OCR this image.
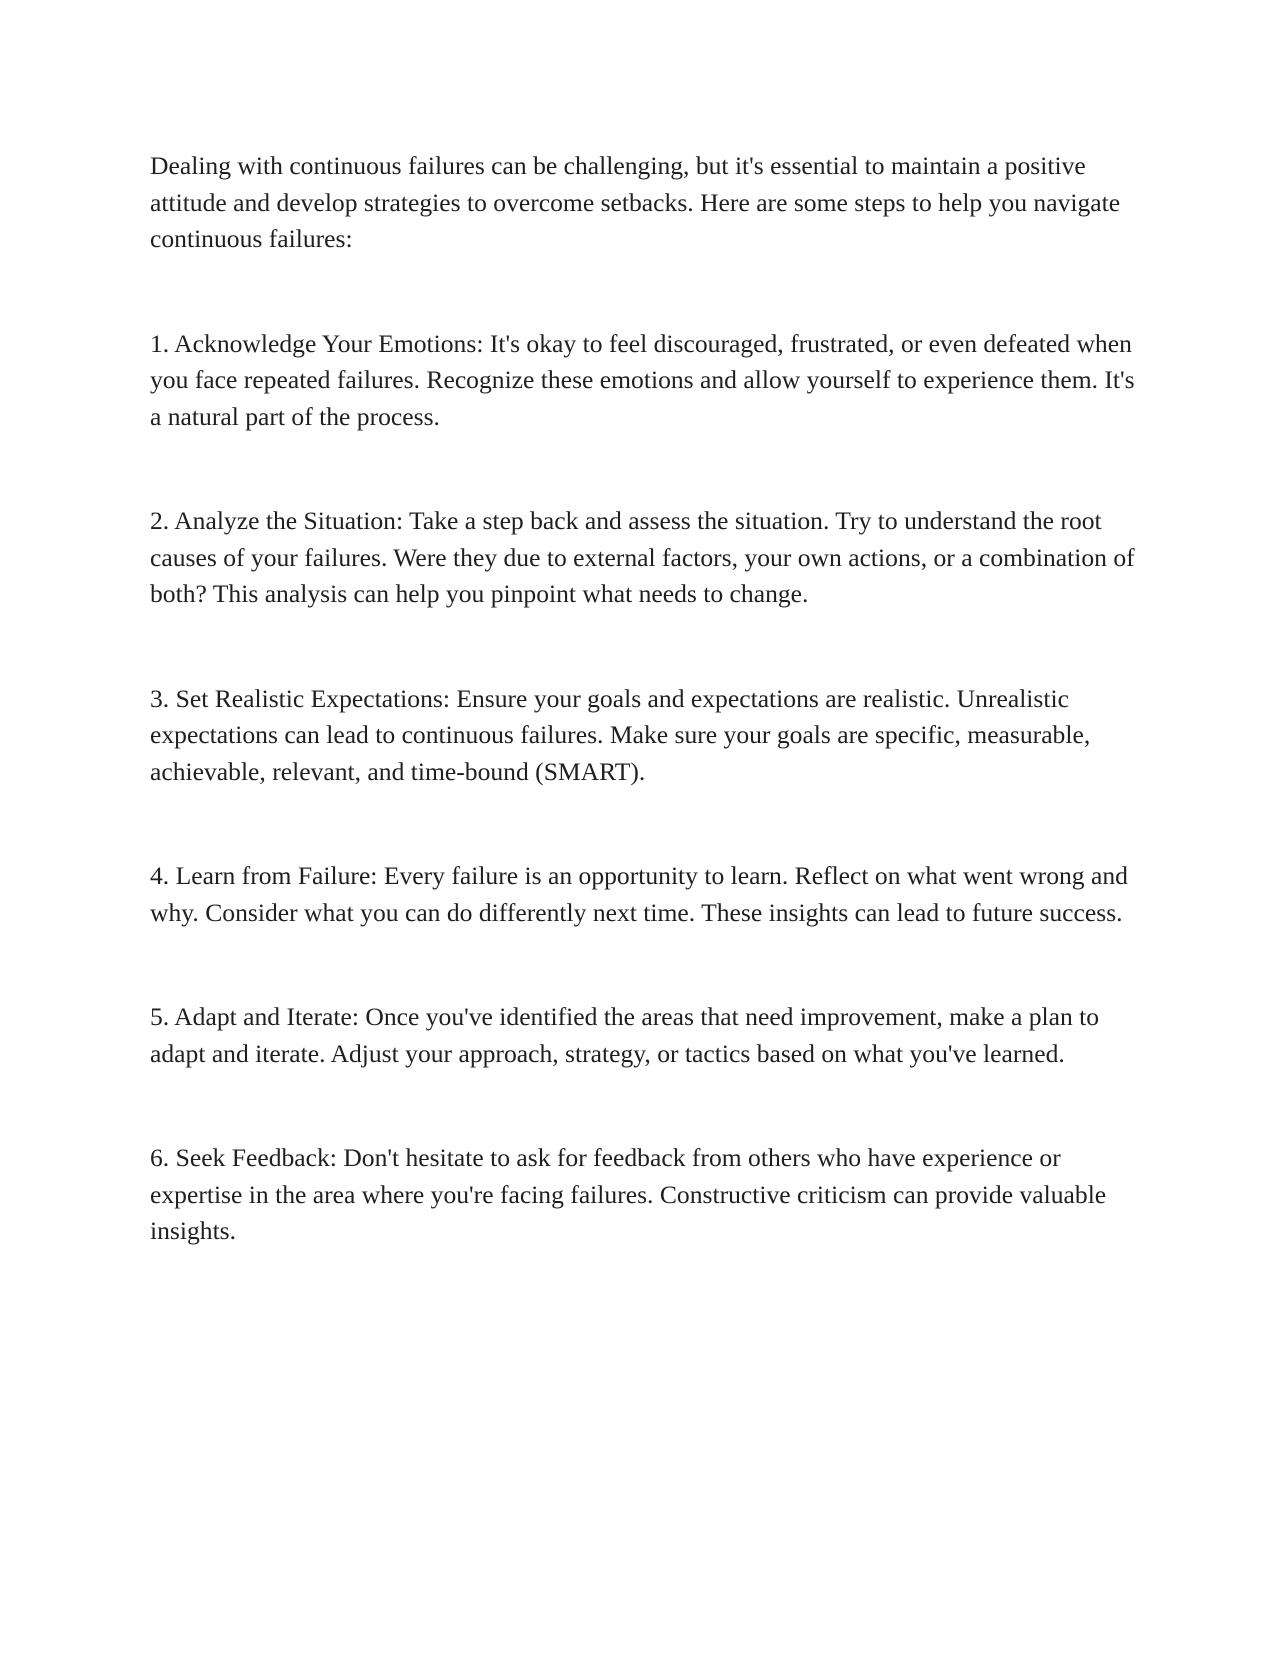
Dealing with continuous failures can be challenging, but it's essential to maintain a positive attitude and develop strategies to overcome setbacks. Here are some steps to help you navigate continuous failures:

1. Acknowledge Your Emotions: It's okay to feel discouraged, frustrated, or even defeated when you face repeated failures. Recognize these emotions and allow yourself to experience them. It's a natural part of the process.

2. Analyze the Situation: Take a step back and assess the situation. Try to understand the root causes of your failures. Were they due to external factors, your own actions, or a combination of both? This analysis can help you pinpoint what needs to change.

3. Set Realistic Expectations: Ensure your goals and expectations are realistic. Unrealistic expectations can lead to continuous failures. Make sure your goals are specific, measurable, achievable, relevant, and time-bound (SMART).

4. Learn from Failure: Every failure is an opportunity to learn. Reflect on what went wrong and why. Consider what you can do differently next time. These insights can lead to future success.

5. Adapt and Iterate: Once you've identified the areas that need improvement, make a plan to adapt and iterate. Adjust your approach, strategy, or tactics based on what you've learned.

6. Seek Feedback: Don't hesitate to ask for feedback from others who have experience or expertise in the area where you're facing failures. Constructive criticism can provide valuable insights.
